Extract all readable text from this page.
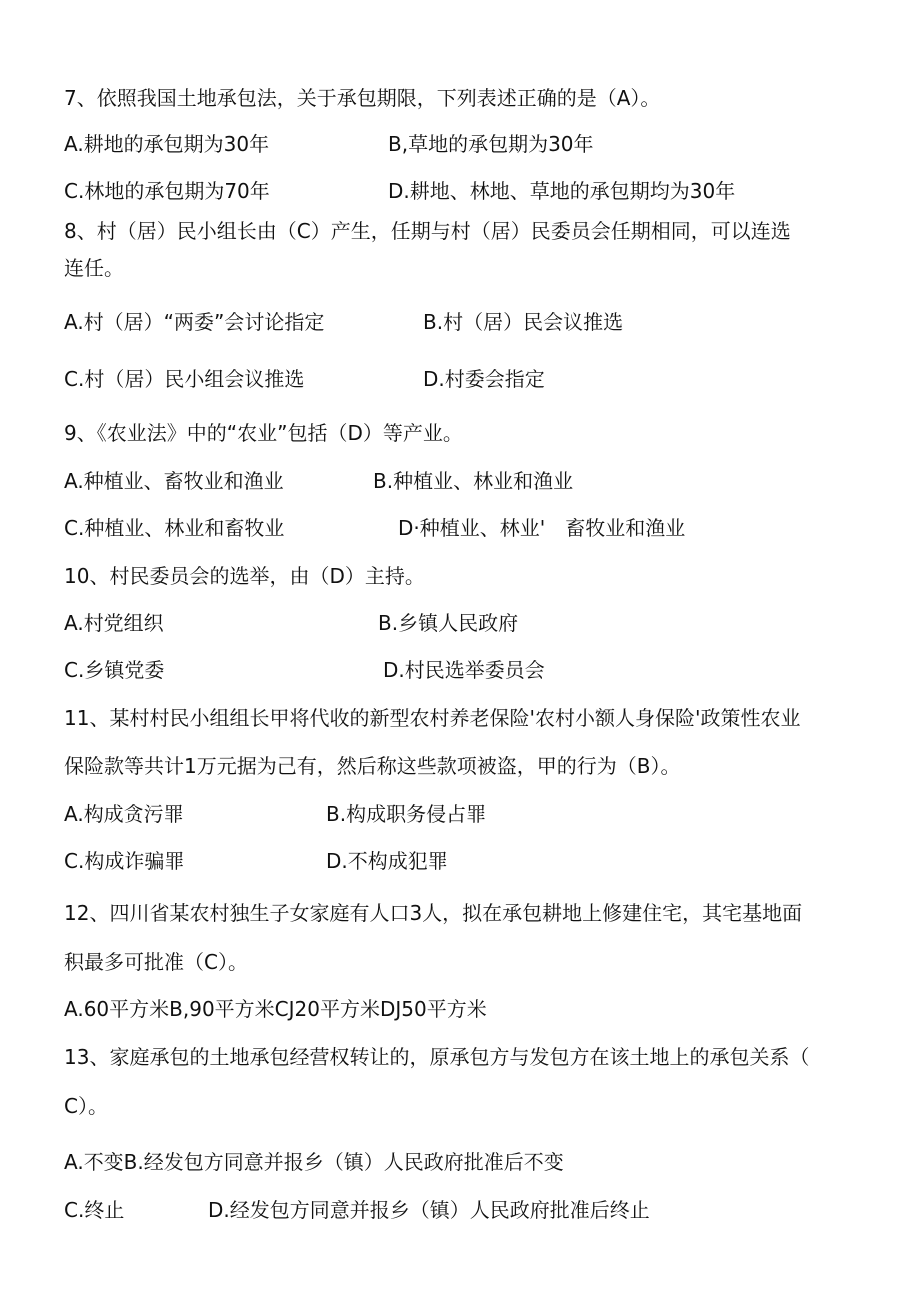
7、依照我国土地承包法，关于承包期限，下列表述正确的是（A）。
A.耕地的承包期为30年	B,草地的承包期为30年
C.林地的承包期为70年	D.耕地、林地、草地的承包期均为30年
8、村（居）民小组长由（C）产生，任期与村（居）民委员会任期相同，可以连选
连任。
A.村（居）“两委”会讨论指定	B.村（居）民会议推选
C.村（居）民小组会议推选	D.村委会指定
9、《农业法》中的“农业”包括（D）等产业。
A.种植业、畜牧业和渔业	B.种植业、林业和渔业
C.种植业、林业和畜牧业	D·种植业、林业'　畜牧业和渔业
10、村民委员会的选举，由（D）主持。
A.村党组织	B.乡镇人民政府
C.乡镇党委	D.村民选举委员会
11、某村村民小组组长甲将代收的新型农村养老保险'农村小额人身保险'政策性农业
保险款等共计1万元据为己有，然后称这些款项被盗，甲的行为（B）。
A.构成贪污罪	B.构成职务侵占罪
C.构成诈骗罪	D.不构成犯罪
12、四川省某农村独生子女家庭有人口3人，拟在承包耕地上修建住宅，其宅基地面
积最多可批准（C）。
A.60平方米B,90平方米CJ20平方米DJ50平方米
13、家庭承包的土地承包经营权转让的，原承包方与发包方在该土地上的承包关系（
C）。
A.不变B.经发包方同意并报乡（镇）人民政府批准后不变
C.终止	D.经发包方同意并报乡（镇）人民政府批准后终止
